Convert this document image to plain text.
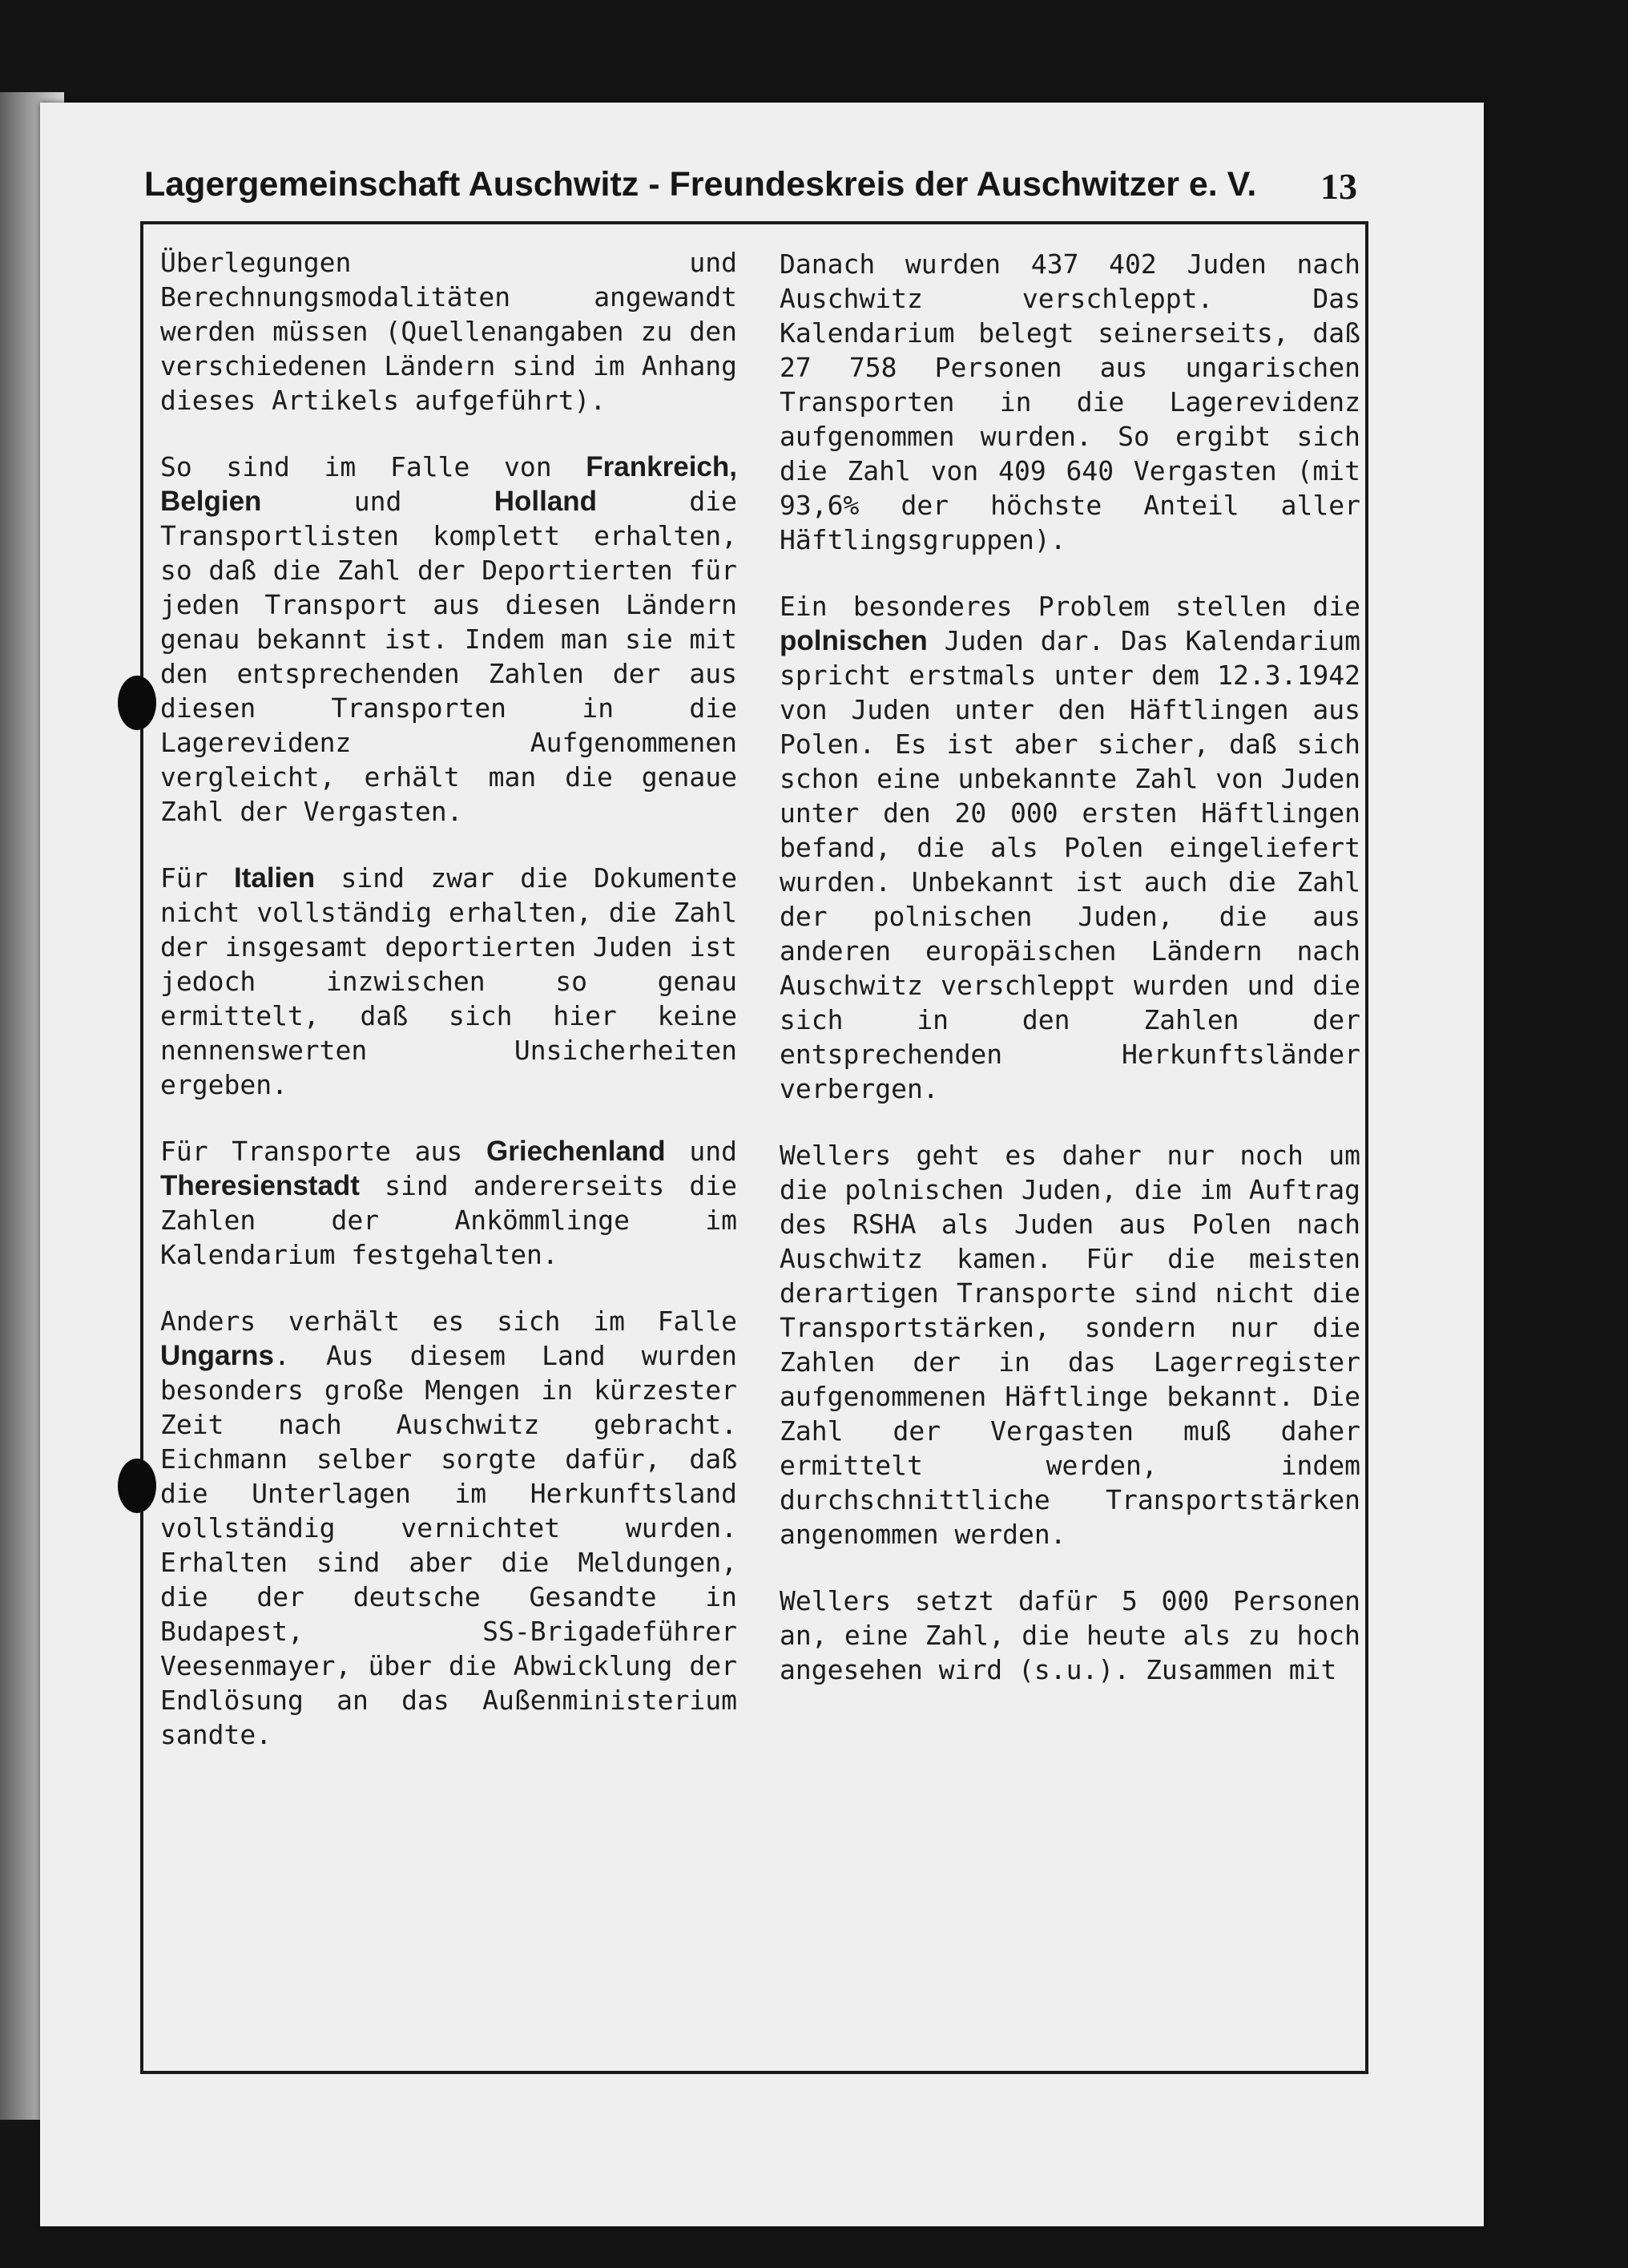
Lagergemeinschaft Auschwitz - Freundeskreis der Auschwitzer e. V.	13

Überlegungen und Berechnungsmodalitäten angewandt werden müssen (Quellenangaben zu den verschiedenen Ländern sind im Anhang dieses Artikels aufgeführt).

So sind im Falle von Frankreich, Belgien und Holland die Transportlisten komplett erhalten, so daß die Zahl der Deportierten für jeden Transport aus diesen Ländern genau bekannt ist. Indem man sie mit den entsprechenden Zahlen der aus diesen Transporten in die Lagerevidenz Aufgenommenen vergleicht, erhält man die genaue Zahl der Vergasten.

Für Italien sind zwar die Dokumente nicht vollständig erhalten, die Zahl der insgesamt deportierten Juden ist jedoch inzwischen so genau ermittelt, daß sich hier keine nennenswerten Unsicherheiten ergeben.

Für Transporte aus Griechenland und Theresienstadt sind andererseits die Zahlen der Ankömmlinge im Kalendarium festgehalten.

Anders verhält es sich im Falle Ungarns. Aus diesem Land wurden besonders große Mengen in kürzester Zeit nach Auschwitz gebracht. Eichmann selber sorgte dafür, daß die Unterlagen im Herkunftsland vollständig vernichtet wurden. Erhalten sind aber die Meldungen, die der deutsche Gesandte in Budapest, SS-Brigadeführer Veesenmayer, über die Abwicklung der Endlösung an das Außenministerium sandte.

Danach wurden 437 402 Juden nach Auschwitz verschleppt. Das Kalendarium belegt seinerseits, daß 27 758 Personen aus ungarischen Transporten in die Lagerevidenz aufgenommen wurden. So ergibt sich die Zahl von 409 640 Vergasten (mit 93,6% der höchste Anteil aller Häftlingsgruppen).

Ein besonderes Problem stellen die polnischen Juden dar. Das Kalendarium spricht erstmals unter dem 12.3.1942 von Juden unter den Häftlingen aus Polen. Es ist aber sicher, daß sich schon eine unbekannte Zahl von Juden unter den 20 000 ersten Häftlingen befand, die als Polen eingeliefert wurden. Unbekannt ist auch die Zahl der polnischen Juden, die aus anderen europäischen Ländern nach Auschwitz verschleppt wurden und die sich in den Zahlen der entsprechenden Herkunftsländer verbergen.

Wellers geht es daher nur noch um die polnischen Juden, die im Auftrag des RSHA als Juden aus Polen nach Auschwitz kamen. Für die meisten derartigen Transporte sind nicht die Transportstärken, sondern nur die Zahlen der in das Lagerregister aufgenommenen Häftlinge bekannt. Die Zahl der Vergasten muß daher ermittelt werden, indem durchschnittliche Transportstärken angenommen werden.

Wellers setzt dafür 5 000 Personen an, eine Zahl, die heute als zu hoch angesehen wird (s.u.). Zusammen mit
